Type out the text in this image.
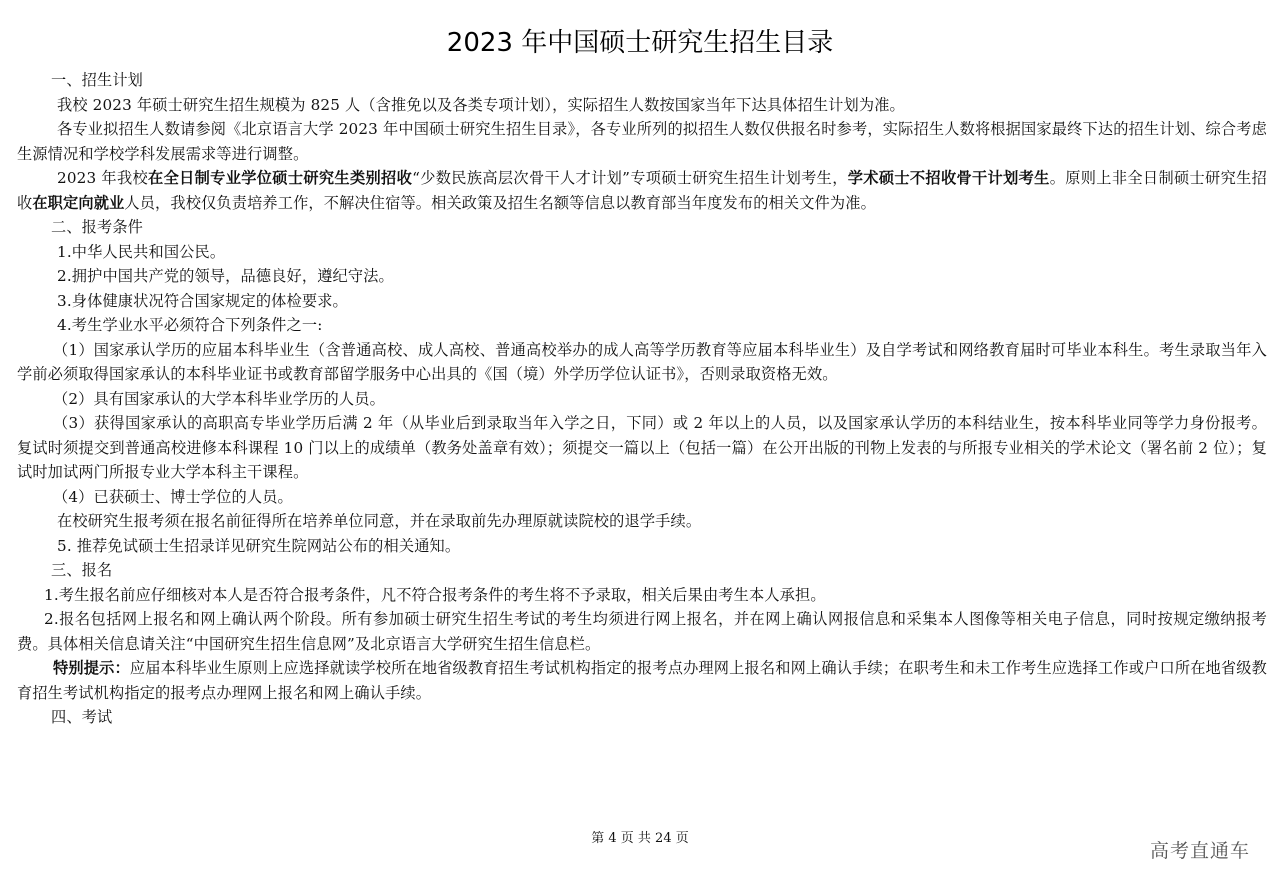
2023 年中国硕士研究生招生目录

一、招生计划

我校 2023 年硕士研究生招生规模为 825 人（含推免以及各类专项计划），实际招生人数按国家当年下达具体招生计划为准。

各专业拟招生人数请参阅《北京语言大学 2023 年中国硕士研究生招生目录》，各专业所列的拟招生人数仅供报名时参考，实际招生人数将根据国家最终下达的招生计划、综合考虑生源情况和学校学科发展需求等进行调整。

2023 年我校在全日制专业学位硕士研究生类别招收“少数民族高层次骨干人才计划”专项硕士研究生招生计划考生，学术硕士不招收骨干计划考生。原则上非全日制硕士研究生招收在职定向就业人员，我校仅负责培养工作，不解决住宿等。相关政策及招生名额等信息以教育部当年度发布的相关文件为准。

二、报考条件

1.中华人民共和国公民。

2.拥护中国共产党的领导，品德良好，遵纪守法。

3.身体健康状况符合国家规定的体检要求。

4.考生学业水平必须符合下列条件之一:

（1）国家承认学历的应届本科毕业生（含普通高校、成人高校、普通高校举办的成人高等学历教育等应届本科毕业生）及自学考试和网络教育届时可毕业本科生。考生录取当年入学前必须取得国家承认的本科毕业证书或教育部留学服务中心出具的《国（境）外学历学位认证书》，否则录取资格无效。

（2）具有国家承认的大学本科毕业学历的人员。

（3）获得国家承认的高职高专毕业学历后满 2 年（从毕业后到录取当年入学之日，下同）或 2 年以上的人员，以及国家承认学历的本科结业生，按本科毕业同等学力身份报考。复试时须提交到普通高校进修本科课程 10 门以上的成绩单（教务处盖章有效）；须提交一篇以上（包括一篇）在公开出版的刊物上发表的与所报专业相关的学术论文（署名前 2 位）；复试时加试两门所报专业大学本科主干课程。

（4）已获硕士、博士学位的人员。

在校研究生报考须在报名前征得所在培养单位同意，并在录取前先办理原就读院校的退学手续。

5. 推荐免试硕士生招录详见研究生院网站公布的相关通知。

三、报名

1.考生报名前应仔细核对本人是否符合报考条件，凡不符合报考条件的考生将不予录取，相关后果由考生本人承担。

2.报名包括网上报名和网上确认两个阶段。所有参加硕士研究生招生考试的考生均须进行网上报名，并在网上确认网报信息和采集本人图像等相关电子信息，同时按规定缴纳报考费。具体相关信息请关注“中国研究生招生信息网”及北京语言大学研究生招生信息栏。

特别提示：应届本科毕业生原则上应选择就读学校所在地省级教育招生考试机构指定的报考点办理网上报名和网上确认手续；在职考生和未工作考生应选择工作或户口所在地省级教育招生考试机构指定的报考点办理网上报名和网上确认手续。

四、考试

第 4 页 共 24 页
高考直通车
